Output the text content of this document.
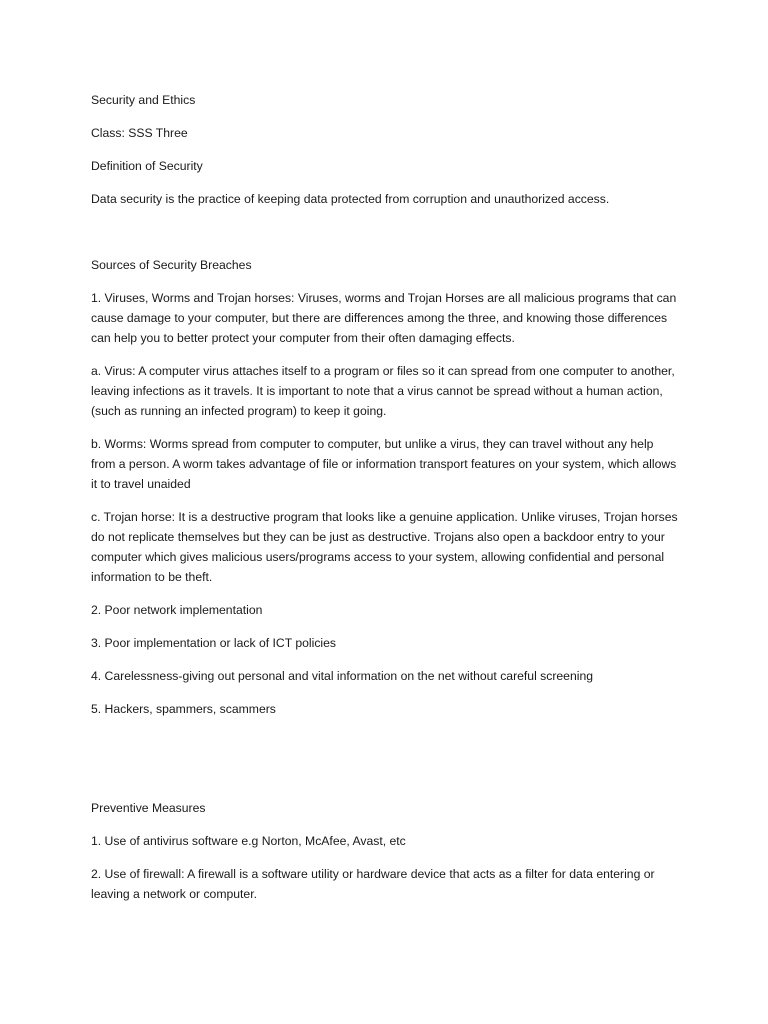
Security and Ethics

Class: SSS Three

Definition of Security

Data security is the practice of keeping data protected from corruption and unauthorized access.

Sources of Security Breaches

1. Viruses, Worms and Trojan horses: Viruses, worms and Trojan Horses are all malicious programs that can cause damage to your computer, but there are differences among the three, and knowing those differences can help you to better protect your computer from their often damaging effects.

a. Virus: A computer virus attaches itself to a program or files so it can spread from one computer to another, leaving infections as it travels. It is important to note that a virus cannot be spread without a human action, (such as running an infected program) to keep it going.

b. Worms: Worms spread from computer to computer, but unlike a virus, they can travel without any help from a person. A worm takes advantage of file or information transport features on your system, which allows it to travel unaided

c. Trojan horse: It is a destructive program that looks like a genuine application. Unlike viruses, Trojan horses do not replicate themselves but they can be just as destructive. Trojans also open a backdoor entry to your computer which gives malicious users/programs access to your system, allowing confidential and personal information to be theft.

2. Poor network implementation

3. Poor implementation or lack of ICT policies

4. Carelessness-giving out personal and vital information on the net without careful screening

5. Hackers, spammers, scammers

Preventive Measures

1. Use of antivirus software e.g Norton, McAfee, Avast, etc

2. Use of firewall: A firewall is a software utility or hardware device that acts as a filter for data entering or leaving a network or computer.
